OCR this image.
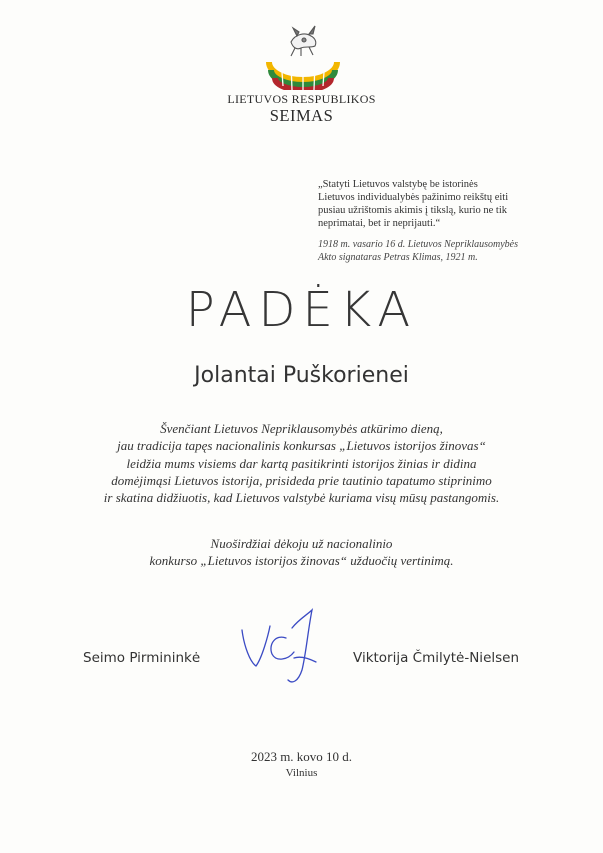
LIETUVOS RESPUBLIKOS
SEIMAS
„Statyti Lietuvos valstybę be istorinės
Lietuvos individualybės pažinimo reikštų eiti
pusiau užrištomis akimis į tikslą, kurio ne tik
neprimatai, bet ir nepriјauti.“
1918 m. vasario 16 d. Lietuvos Nepriklausomybės
Akto signataras Petras Klimas, 1921 m.
PADĖKA
Jolantai Puškorienei
Švenčiant Lietuvos Nepriklausomybės atkūrimo dieną,
jau tradicija tapęs nacionalinis konkursas „Lietuvos istorijos žinovas“
leidžia mums visiems dar kartą pasitikrinti istorijos žinias ir didina
domėjimąsi Lietuvos istorija, prisideda prie tautinio tapatumo stiprinimo
ir skatina didžiuotis, kad Lietuvos valstybė kuriama visų mūsų pastangomis.
Nuoširdžiai dėkoju už nacionalinio
konkurso „Lietuvos istorijos žinovas“ užduočių vertinimą.
Seimo Pirmininkė	Viktorija Čmilytė-Nielsen
2023 m. kovo 10 d.
Vilnius
